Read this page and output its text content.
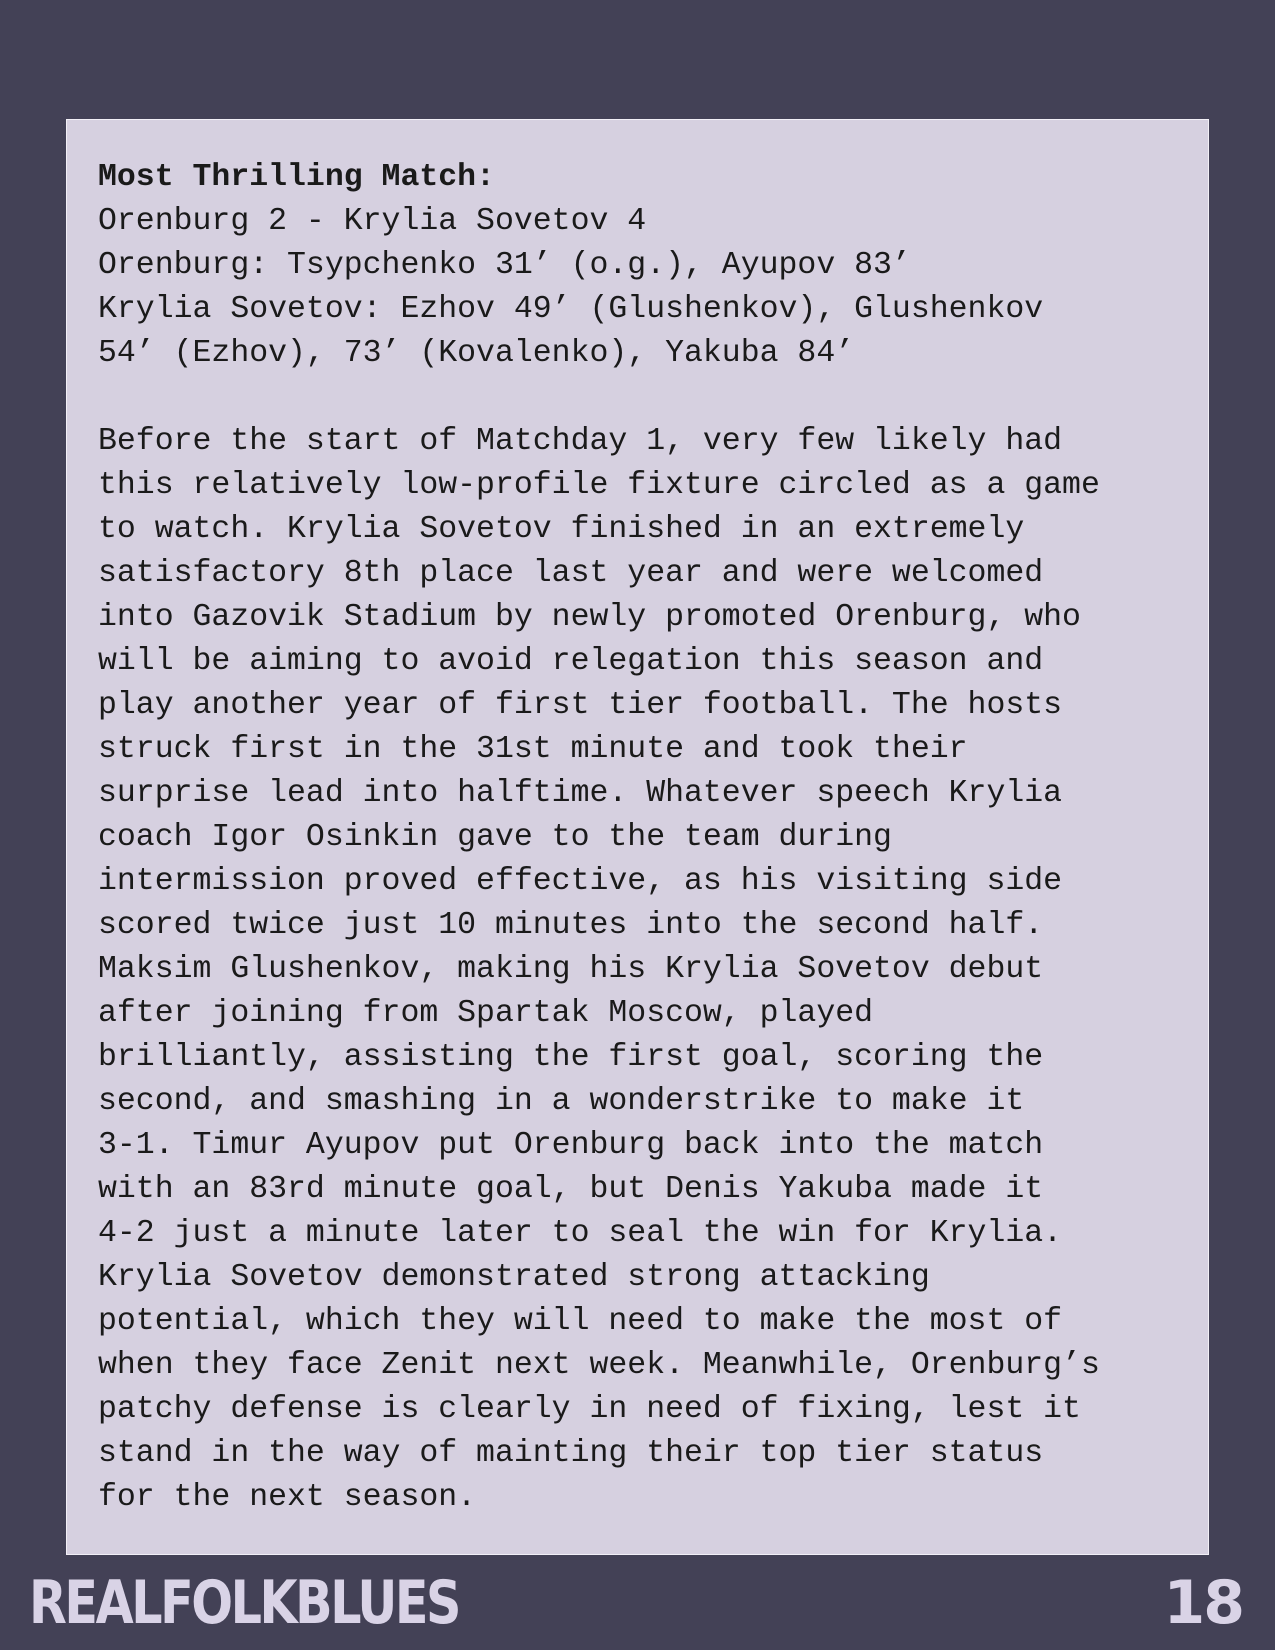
Most Thrilling Match:
Orenburg 2 - Krylia Sovetov 4
Orenburg: Tsypchenko 31’ (o.g.), Ayupov 83’
Krylia Sovetov: Ezhov 49’ (Glushenkov), Glushenkov
54’ (Ezhov), 73’ (Kovalenko), Yakuba 84’
Before the start of Matchday 1, very few likely had
this relatively low-profile fixture circled as a game
to watch. Krylia Sovetov finished in an extremely
satisfactory 8th place last year and were welcomed
into Gazovik Stadium by newly promoted Orenburg, who
will be aiming to avoid relegation this season and
play another year of first tier football. The hosts
struck first in the 31st minute and took their
surprise lead into halftime. Whatever speech Krylia
coach Igor Osinkin gave to the team during
intermission proved effective, as his visiting side
scored twice just 10 minutes into the second half.
Maksim Glushenkov, making his Krylia Sovetov debut
after joining from Spartak Moscow, played
brilliantly, assisting the first goal, scoring the
second, and smashing in a wonderstrike to make it
3-1. Timur Ayupov put Orenburg back into the match
with an 83rd minute goal, but Denis Yakuba made it
4-2 just a minute later to seal the win for Krylia.
Krylia Sovetov demonstrated strong attacking
potential, which they will need to make the most of
when they face Zenit next week. Meanwhile, Orenburg’s
patchy defense is clearly in need of fixing, lest it
stand in the way of mainting their top tier status
for the next season.
REALFOLKBLUES	18
